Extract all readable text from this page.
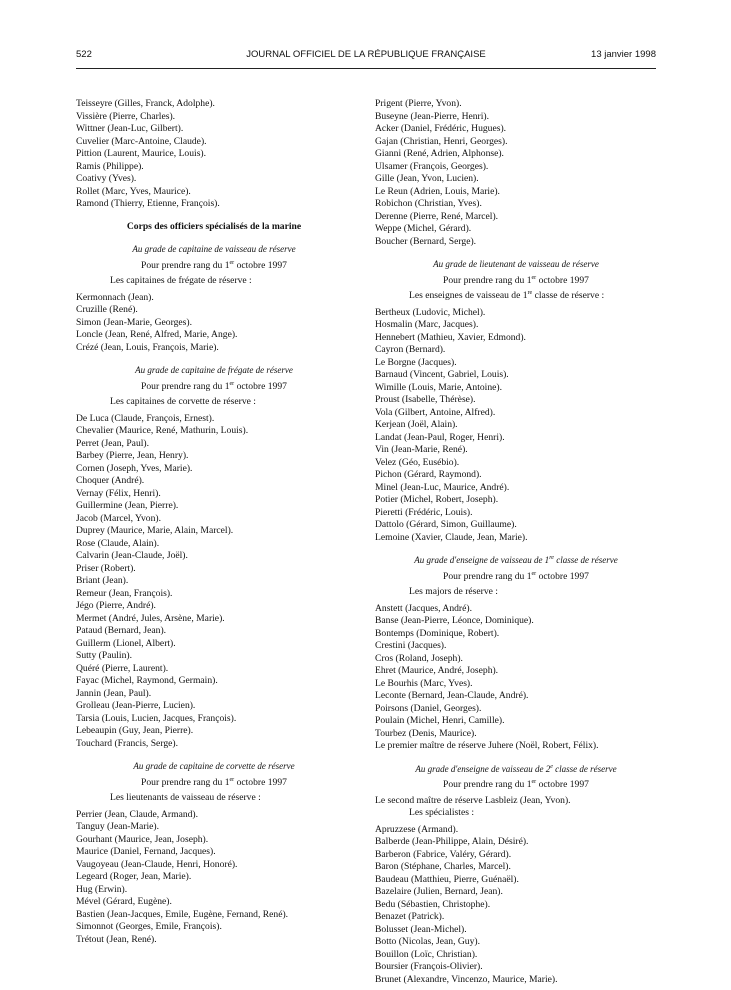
522	JOURNAL OFFICIEL DE LA RÉPUBLIQUE FRANÇAISE	13 janvier 1998
Teisseyre (Gilles, Franck, Adolphe).
Vissière (Pierre, Charles).
Wittner (Jean-Luc, Gilbert).
Cuvelier (Marc-Antoine, Claude).
Pittion (Laurent, Maurice, Louis).
Ramis (Philippe).
Coativy (Yves).
Rollet (Marc, Yves, Maurice).
Ramond (Thierry, Etienne, François).
Corps des officiers spécialisés de la marine
Au grade de capitaine de vaisseau de réserve
Pour prendre rang du 1er octobre 1997
Les capitaines de frégate de réserve :
Kermonnach (Jean).
Cruzille (René).
Simon (Jean-Marie, Georges).
Loncle (Jean, René, Alfred, Marie, Ange).
Crézé (Jean, Louis, François, Marie).
Au grade de capitaine de frégate de réserve
Pour prendre rang du 1er octobre 1997
Les capitaines de corvette de réserve :
De Luca (Claude, François, Ernest).
Chevalier (Maurice, René, Mathurin, Louis).
Perret (Jean, Paul).
Barbey (Pierre, Jean, Henry).
Cornen (Joseph, Yves, Marie).
Choquer (André).
Vernay (Félix, Henri).
Guillermine (Jean, Pierre).
Jacob (Marcel, Yvon).
Duprey (Maurice, Marie, Alain, Marcel).
Rose (Claude, Alain).
Calvarin (Jean-Claude, Joël).
Priser (Robert).
Briant (Jean).
Remeur (Jean, François).
Jégo (Pierre, André).
Mermet (André, Jules, Arsène, Marie).
Pataud (Bernard, Jean).
Guillerm (Lionel, Albert).
Sutty (Paulin).
Quéré (Pierre, Laurent).
Fayac (Michel, Raymond, Germain).
Jannin (Jean, Paul).
Grolleau (Jean-Pierre, Lucien).
Tarsia (Louis, Lucien, Jacques, François).
Lebeaupin (Guy, Jean, Pierre).
Touchard (Francis, Serge).
Au grade de capitaine de corvette de réserve
Pour prendre rang du 1er octobre 1997
Les lieutenants de vaisseau de réserve :
Perrier (Jean, Claude, Armand).
Tanguy (Jean-Marie).
Gourhant (Maurice, Jean, Joseph).
Maurice (Daniel, Fernand, Jacques).
Vaugoyeau (Jean-Claude, Henri, Honoré).
Legeard (Roger, Jean, Marie).
Hug (Erwin).
Mével (Gérard, Eugène).
Bastien (Jean-Jacques, Emile, Eugène, Fernand, René).
Simonnot (Georges, Emile, François).
Trétout (Jean, René).
Prigent (Pierre, Yvon).
Buseyne (Jean-Pierre, Henri).
Acker (Daniel, Frédéric, Hugues).
Gajan (Christian, Henri, Georges).
Gianni (René, Adrien, Alphonse).
Ulsamer (François, Georges).
Gille (Jean, Yvon, Lucien).
Le Reun (Adrien, Louis, Marie).
Robichon (Christian, Yves).
Derenne (Pierre, René, Marcel).
Weppe (Michel, Gérard).
Boucher (Bernard, Serge).
Au grade de lieutenant de vaisseau de réserve
Pour prendre rang du 1er octobre 1997
Les enseignes de vaisseau de 1re classe de réserve :
Bertheux (Ludovic, Michel).
Hosmalin (Marc, Jacques).
Hennebert (Mathieu, Xavier, Edmond).
Cayron (Bernard).
Le Borgne (Jacques).
Barnaud (Vincent, Gabriel, Louis).
Wimille (Louis, Marie, Antoine).
Proust (Isabelle, Thérèse).
Vola (Gilbert, Antoine, Alfred).
Kerjean (Joël, Alain).
Landat (Jean-Paul, Roger, Henri).
Vin (Jean-Marie, René).
Velez (Géo, Eusébio).
Pichon (Gérard, Raymond).
Minel (Jean-Luc, Maurice, André).
Potier (Michel, Robert, Joseph).
Pieretti (Frédéric, Louis).
Dattolo (Gérard, Simon, Guillaume).
Lemoine (Xavier, Claude, Jean, Marie).
Au grade d'enseigne de vaisseau de 1re classe de réserve
Pour prendre rang du 1er octobre 1997
Les majors de réserve :
Anstett (Jacques, André).
Banse (Jean-Pierre, Léonce, Dominique).
Bontemps (Dominique, Robert).
Crestini (Jacques).
Cros (Roland, Joseph).
Ehret (Maurice, André, Joseph).
Le Bourhis (Marc, Yves).
Leconte (Bernard, Jean-Claude, André).
Poirsons (Daniel, Georges).
Poulain (Michel, Henri, Camille).
Tourbez (Denis, Maurice).
Le premier maître de réserve Juhere (Noël, Robert, Félix).
Au grade d'enseigne de vaisseau de 2e classe de réserve
Pour prendre rang du 1er octobre 1997
Le second maître de réserve Lasbleiz (Jean, Yvon).
Les spécialistes :
Apruzzese (Armand).
Balberde (Jean-Philippe, Alain, Désiré).
Barberon (Fabrice, Valéry, Gérard).
Baron (Stéphane, Charles, Marcel).
Baudeau (Matthieu, Pierre, Guénaël).
Bazelaire (Julien, Bernard, Jean).
Bedu (Sébastien, Christophe).
Benazet (Patrick).
Bolusset (Jean-Michel).
Botto (Nicolas, Jean, Guy).
Bouillon (Loïc, Christian).
Boursier (François-Olivier).
Brunet (Alexandre, Vincenzo, Maurice, Marie).
